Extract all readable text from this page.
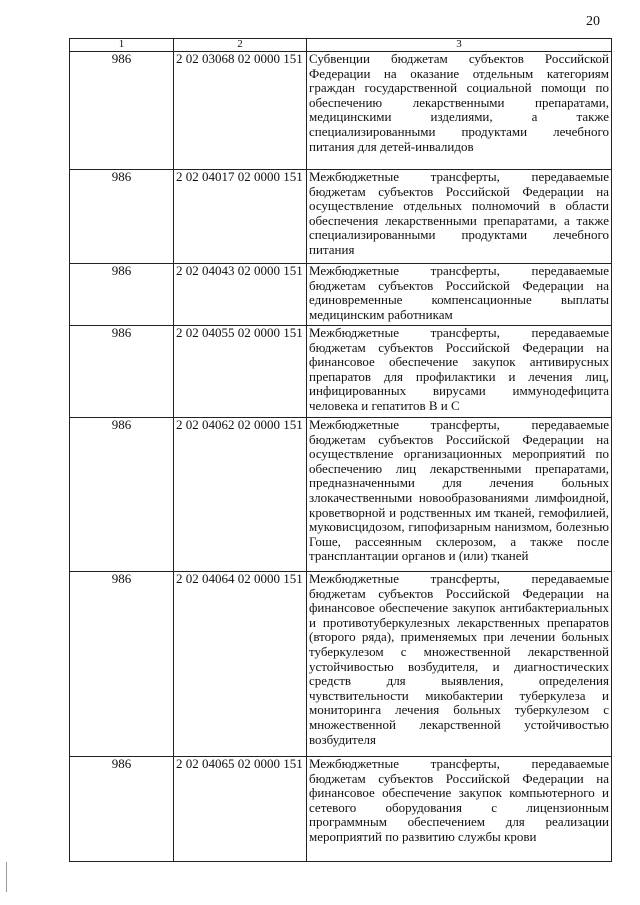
20
1	2	3
986	2 02 03068 02 0000 151	Субвенции бюджетам субъектов Российской Федерации на оказание отдельным категориям граждан государственной социальной помощи по обеспечению лекарственными препаратами, медицинскими изделиями, а также специализированными продуктами лечебного питания для детей-инвалидов
986	2 02 04017 02 0000 151	Межбюджетные трансферты, передаваемые бюджетам субъектов Российской Федерации на осуществление отдельных полномочий в области обеспечения лекарственными препаратами, а также специализированными продуктами лечебного питания
986	2 02 04043 02 0000 151	Межбюджетные трансферты, передаваемые бюджетам субъектов Российской Федерации на единовременные компенсационные выплаты медицинским работникам
986	2 02 04055 02 0000 151	Межбюджетные трансферты, передаваемые бюджетам субъектов Российской Федерации на финансовое обеспечение закупок антивирусных препаратов для профилактики и лечения лиц, инфицированных вирусами иммунодефицита человека и гепатитов B и C
986	2 02 04062 02 0000 151	Межбюджетные трансферты, передаваемые бюджетам субъектов Российской Федерации на осуществление организационных мероприятий по обеспечению лиц лекарственными препаратами, предназначенными для лечения больных злокачественными новообразованиями лимфоидной, кроветворной и родственных им тканей, гемофилией, муковисцидозом, гипофизарным нанизмом, болезнью Гоше, рассеянным склерозом, а также после трансплантации органов и (или) тканей
986	2 02 04064 02 0000 151	Межбюджетные трансферты, передаваемые бюджетам субъектов Российской Федерации на финансовое обеспечение закупок антибактериальных и противотуберкулезных лекарственных препаратов (второго ряда), применяемых при лечении больных туберкулезом с множественной лекарственной устойчивостью возбудителя, и диагностических средств для выявления, определения чувствительности микобактерии туберкулеза и мониторинга лечения больных туберкулезом с множественной лекарственной устойчивостью возбудителя
986	2 02 04065 02 0000 151	Межбюджетные трансферты, передаваемые бюджетам субъектов Российской Федерации на финансовое обеспечение закупок компьютерного и сетевого оборудования с лицензионным программным обеспечением для реализации мероприятий по развитию службы крови
